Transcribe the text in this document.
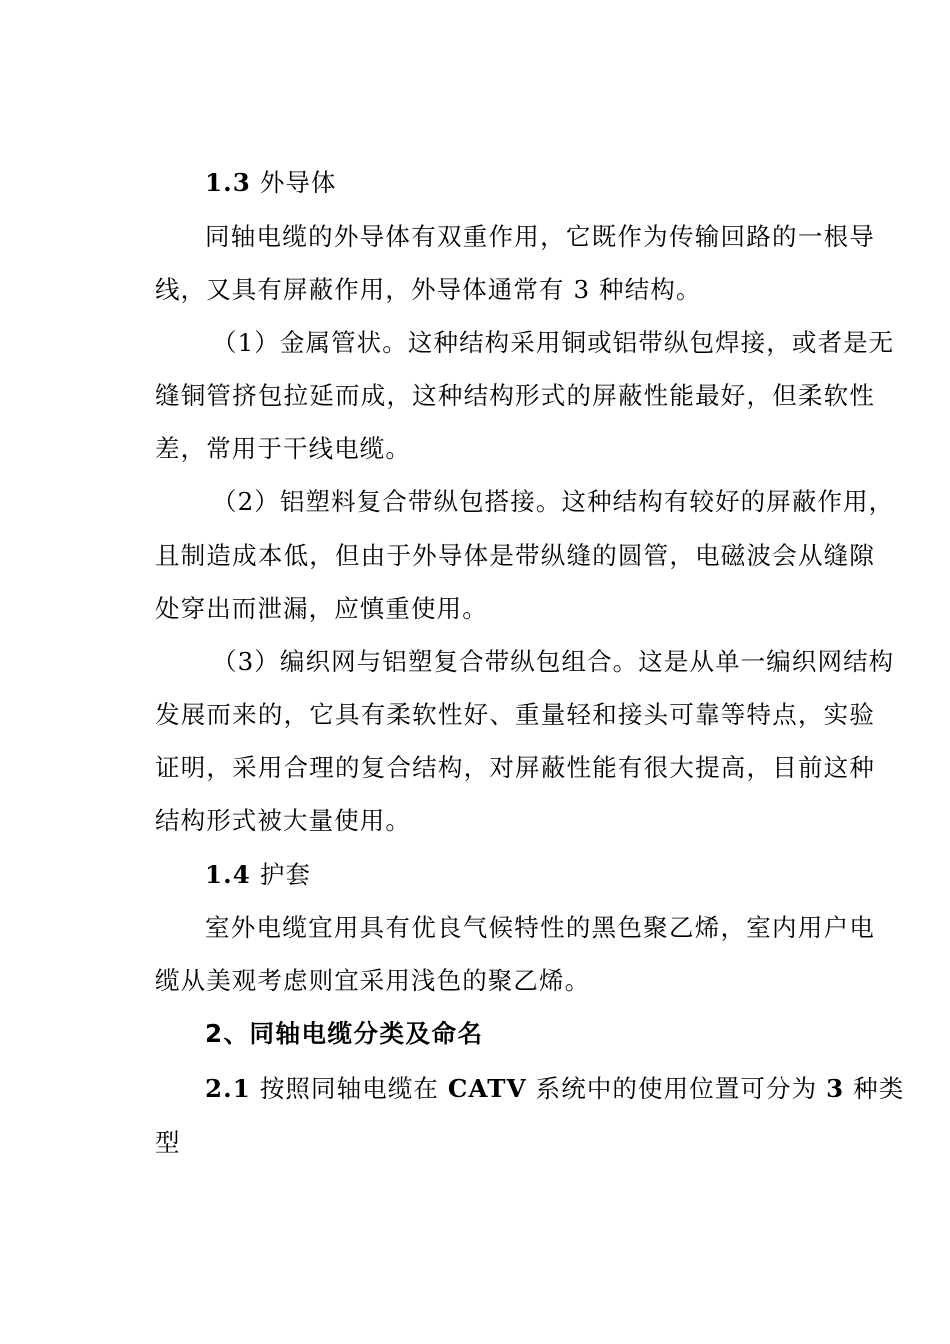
1.3 外导体
同轴电缆的外导体有双重作用，它既作为传输回路的一根导
线，又具有屏蔽作用，外导体通常有 3 种结构。
（1）金属管状。这种结构采用铜或铝带纵包焊接，或者是无
缝铜管挤包拉延而成，这种结构形式的屏蔽性能最好，但柔软性
差，常用于干线电缆。
（2）铝塑料复合带纵包搭接。这种结构有较好的屏蔽作用，
且制造成本低，但由于外导体是带纵缝的圆管，电磁波会从缝隙
处穿出而泄漏，应慎重使用。
（3）编织网与铝塑复合带纵包组合。这是从单一编织网结构
发展而来的，它具有柔软性好、重量轻和接头可靠等特点，实验
证明，采用合理的复合结构，对屏蔽性能有很大提高，目前这种
结构形式被大量使用。
1.4 护套
室外电缆宜用具有优良气候特性的黑色聚乙烯，室内用户电
缆从美观考虑则宜采用浅色的聚乙烯。
2、同轴电缆分类及命名
2.1 按照同轴电缆在 CATV 系统中的使用位置可分为 3 种类
型
